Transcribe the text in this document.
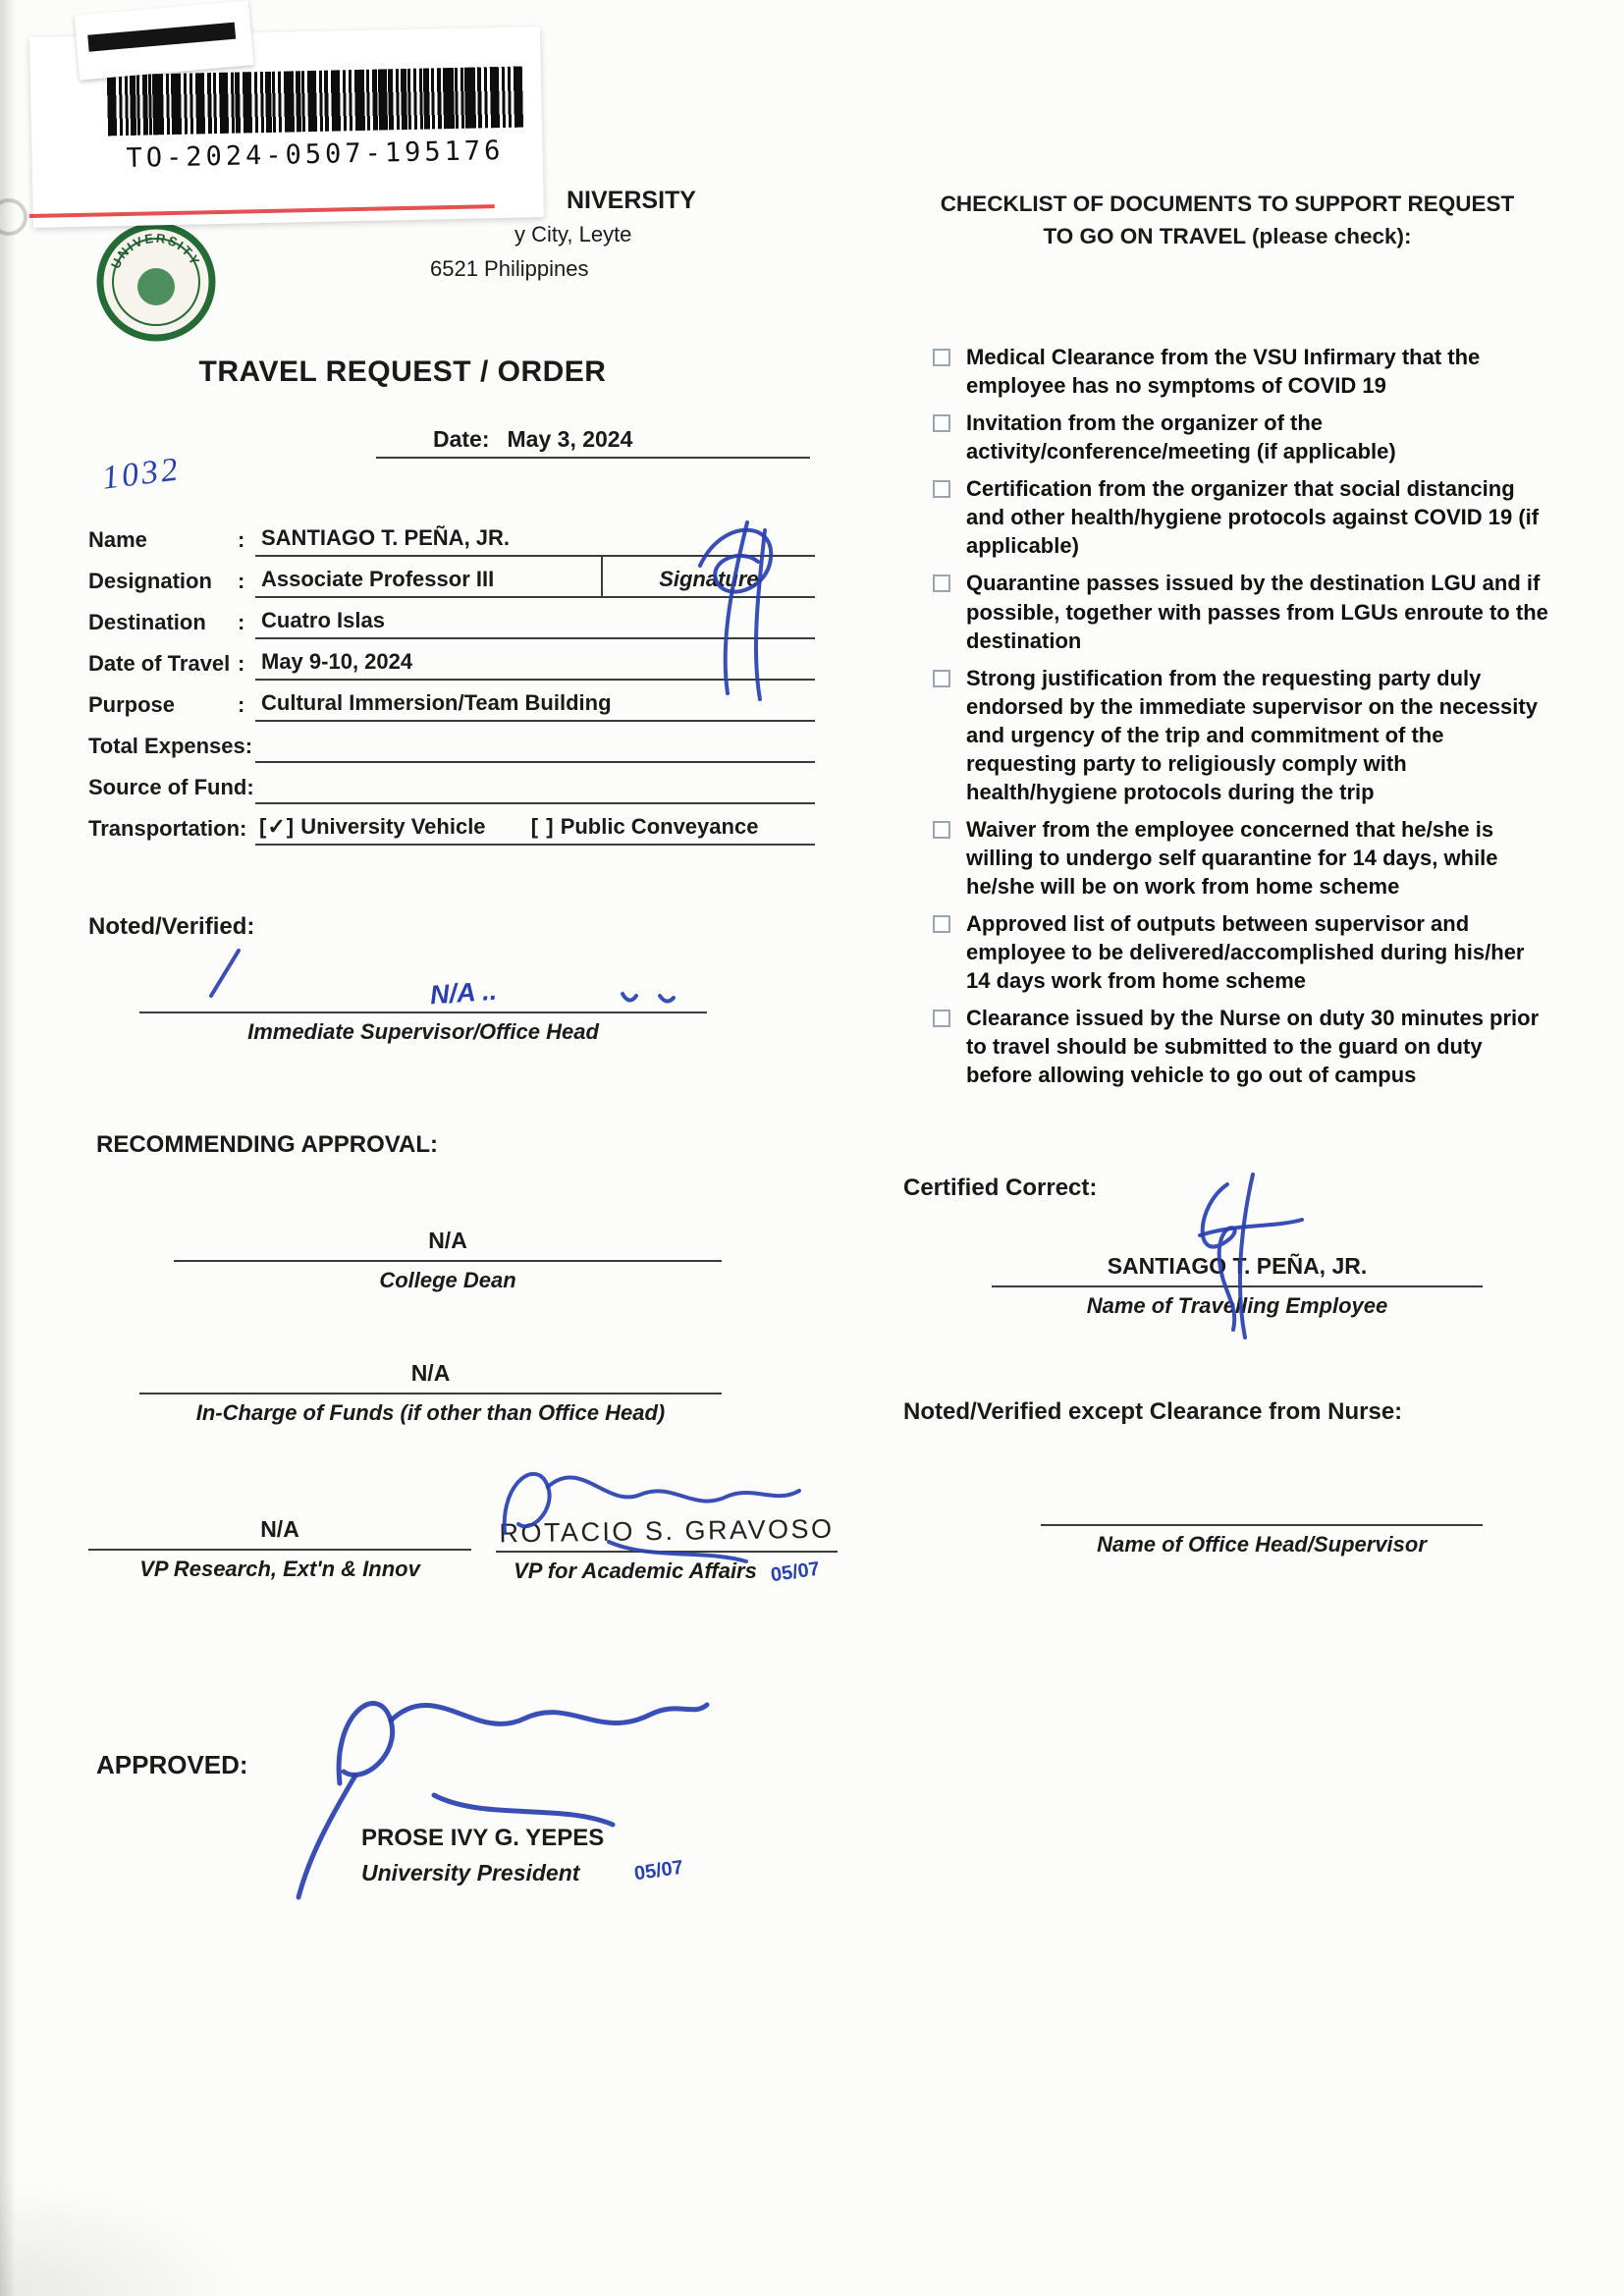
TO-2024-0507-195176
NIVERSITY
y City, Leyte
6521 Philippines
UNIVERSITY
1032
TRAVEL REQUEST / ORDER
Date: May 3, 2024
Name	: SANTIAGO T. PEÑA, JR.
Designation	: Associate Professor III	Signature
Destination	: Cuatro Islas
Date of Travel : May 9-10, 2024
Purpose	: Cultural Immersion/Team Building
Total Expenses:
Source of Fund:
Transportation: [✓] University Vehicle [ ] Public Conveyance
Noted/Verified:
Immediate Supervisor/Office Head
N/A ..
RECOMMENDING APPROVAL:
N/A
College Dean
N/A
In-Charge of Funds (if other than Office Head)
N/A
VP Research, Ext'n & Innov
ROTACIO S. GRAVOSO
VP for Academic Affairs 05/07
APPROVED:
PROSE IVY G. YEPES
University President	05/07
CHECKLIST OF DOCUMENTS TO SUPPORT REQUEST
TO GO ON TRAVEL (please check):
Medical Clearance from the VSU Infirmary that the employee has no symptoms of COVID 19
Invitation from the organizer of the activity/conference/meeting (if applicable)
Certification from the organizer that social distancing and other health/hygiene protocols against COVID 19 (if applicable)
Quarantine passes issued by the destination LGU and if possible, together with passes from LGUs enroute to the destination
Strong justification from the requesting party duly endorsed by the immediate supervisor on the necessity and urgency of the trip and commitment of the requesting party to religiously comply with health/hygiene protocols during the trip
Waiver from the employee concerned that he/she is willing to undergo self quarantine for 14 days, while he/she will be on work from home scheme
Approved list of outputs between supervisor and employee to be delivered/accomplished during his/her 14 days work from home scheme
Clearance issued by the Nurse on duty 30 minutes prior to travel should be submitted to the guard on duty before allowing vehicle to go out of campus
Certified Correct:
SANTIAGO T. PEÑA, JR.
Name of Travelling Employee
Noted/Verified except Clearance from Nurse:
Name of Office Head/Supervisor
